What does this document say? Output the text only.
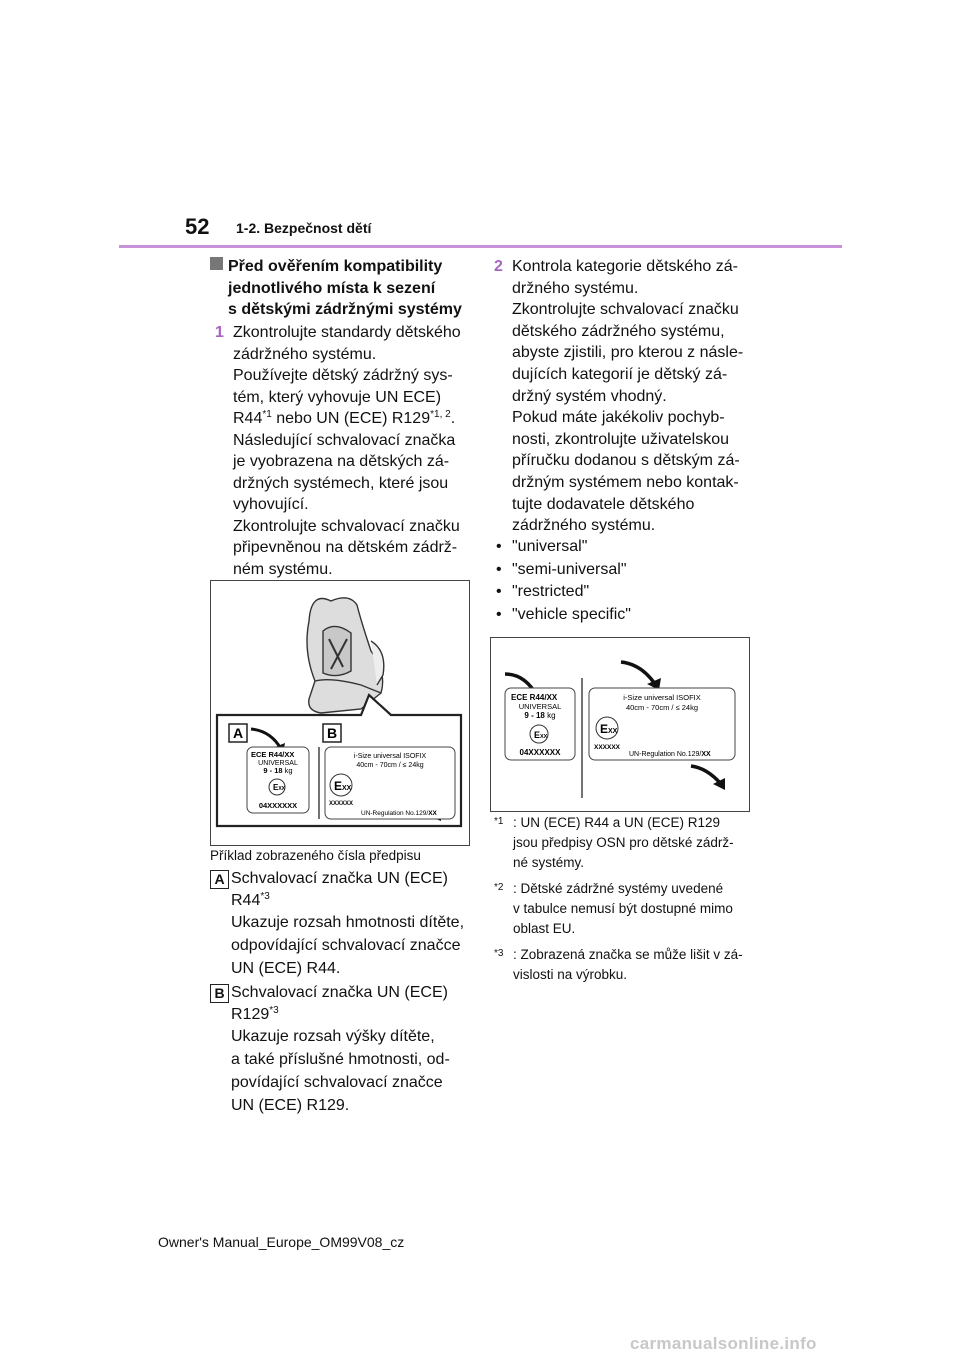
52 1-2. Bezpečnost dětí
Před ověřením kompatibility
jednotlivého místa k sezení
s dětskými zádržnými systémy
1 Zkontrolujte standardy dětského
zádržného systému.
Používejte dětský zádržný sys-
tém, který vyhovuje UN ECE)
R44$^{*1}$ nebo UN (ECE) R129$^{*1, 2}$.
Následující schvalovací značka
je vyobrazena na dětských zá-
držných systémech, které jsou
vyhovující.
Zkontrolujte schvalovací značku
připevněnou na dětském zádrž-
ném systému.
A	B
ECE R44/XX
UNIVERSAL
9 - 18 kg
EXX
04XXXXXX
i-Size universal ISOFIX
40cm - 70cm / ≤ 24kg
EXX
XXXXXX
UN-Regulation No.129/XX
Příklad zobrazeného čísla předpisu
A Schvalovací značka UN (ECE)
R44$^{*3}$
Ukazuje rozsah hmotnosti dítěte,
odpovídající schvalovací značce
UN (ECE) R44.
B Schvalovací značka UN (ECE)
R129$^{*3}$
Ukazuje rozsah výšky dítěte,
a také příslušné hmotnosti, od-
povídající schvalovací značce
UN (ECE) R129.
2 Kontrola kategorie dětského zá-
držného systému.
Zkontrolujte schvalovací značku
dětského zádržného systému,
abyste zjistili, pro kterou z násle-
dujících kategorií je dětský zá-
držný systém vhodný.
Pokud máte jakékoliv pochyb-
nosti, zkontrolujte uživatelskou
příručku dodanou s dětským zá-
držným systémem nebo kontak-
tujte dodavatele dětského
zádržného systému.
• "universal"
• "semi-universal"
• "restricted"
• "vehicle specific"
ECE R44/XX
UNIVERSAL
9 - 18 kg
EXX
04XXXXXX
i-Size universal ISOFIX
40cm - 70cm / ≤ 24kg
EXX
XXXXXX
UN-Regulation No.129/XX
*1 : UN (ECE) R44 a UN (ECE) R129
jsou předpisy OSN pro dětské zádrž-
né systémy.
*2 : Dětské zádržné systémy uvedené
v tabulce nemusí být dostupné mimo
oblast EU.
*3 : Zobrazená značka se může lišit v zá-
vislosti na výrobku.
Owner's Manual_Europe_OM99V08_cz
carmanualsonline.info
